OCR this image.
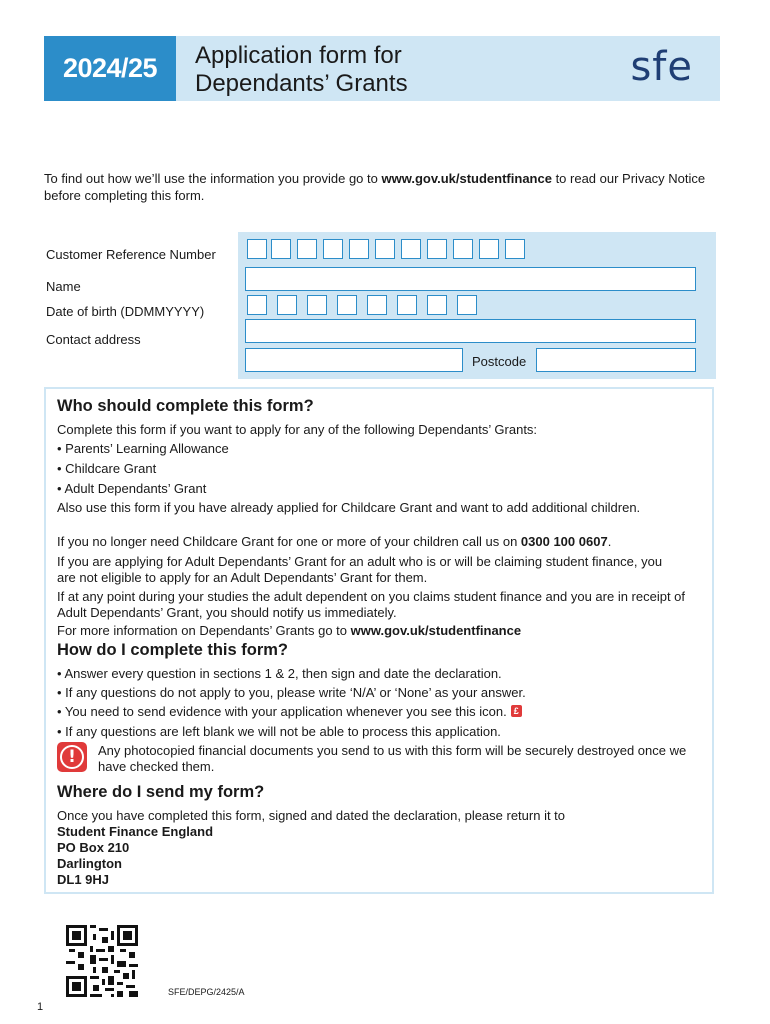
2024/25	Application form for
Dependants’ Grants	sfe
To find out how we’ll use the information you provide go to www.gov.uk/studentfinance to read our Privacy Notice before completing this form.
Customer Reference Number
Name
Date of birth (DDMMYYYY)
Contact address
Postcode
Who should complete this form?
Complete this form if you want to apply for any of the following Dependants’ Grants:
• Parents’ Learning Allowance
• Childcare Grant
• Adult Dependants’ Grant
Also use this form if you have already applied for Childcare Grant and want to add additional children.
If you no longer need Childcare Grant for one or more of your children call us on 0300 100 0607.
If you are applying for Adult Dependants’ Grant for an adult who is or will be claiming student finance, you are not eligible to apply for an Adult Dependants’ Grant for them.
If at any point during your studies the adult dependent on you claims student finance and you are in receipt of Adult Dependants’ Grant, you should notify us immediately.
For more information on Dependants’ Grants go to www.gov.uk/studentfinance
How do I complete this form?
• Answer every question in sections 1 & 2, then sign and date the declaration.
• If any questions do not apply to you, please write ‘N/A’ or ‘None’ as your answer.
• You need to send evidence with your application whenever you see this icon.£
• If any questions are left blank we will not be able to process this application.
!
Any photocopied financial documents you send to us with this form will be securely destroyed once we have checked them.
Where do I send my form?
Once you have completed this form, signed and dated the declaration, please return it to
Student Finance England
PO Box 210
Darlington
DL1 9HJ
SFE/DEPG/2425/A
1
